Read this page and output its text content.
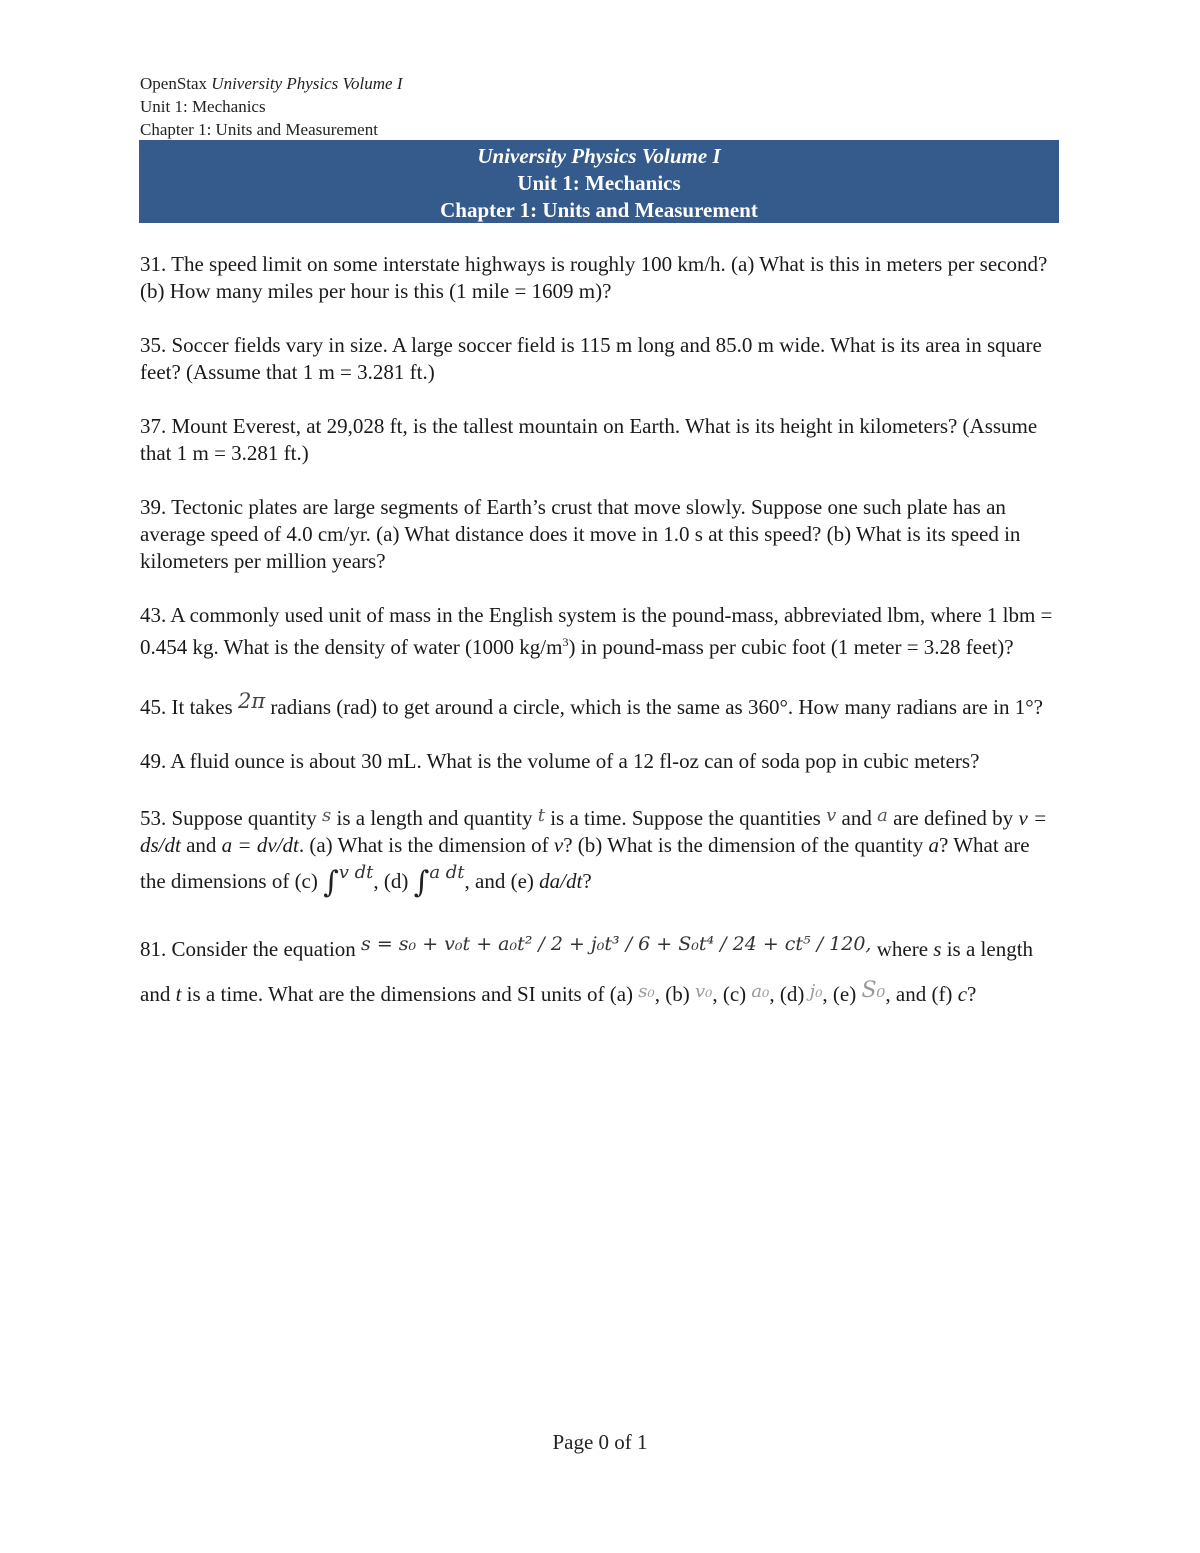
OpenStax University Physics Volume I
Unit 1: Mechanics
Chapter 1: Units and Measurement
University Physics Volume I
Unit 1: Mechanics
Chapter 1: Units and Measurement

31. The speed limit on some interstate highways is roughly 100 km/h. (a) What is this in meters per second? (b) How many miles per hour is this (1 mile = 1609 m)?

35. Soccer fields vary in size. A large soccer field is 115 m long and 85.0 m wide. What is its area in square feet? (Assume that 1 m = 3.281 ft.)

37. Mount Everest, at 29,028 ft, is the tallest mountain on Earth. What is its height in kilometers? (Assume that 1 m = 3.281 ft.)

39. Tectonic plates are large segments of Earth’s crust that move slowly. Suppose one such plate has an average speed of 4.0 cm/yr. (a) What distance does it move in 1.0 s at this speed? (b) What is its speed in kilometers per million years?

43. A commonly used unit of mass in the English system is the pound-mass, abbreviated lbm, where 1 lbm = 0.454 kg. What is the density of water (1000 $kg/m^3$) in pound-mass per cubic foot (1 meter = 3.28 feet)?

45. It takes 2π radians (rad) to get around a circle, which is the same as 360°. How many radians are in 1°?

49. A fluid ounce is about 30 mL. What is the volume of a 12 fl-oz can of soda pop in cubic meters?

53. Suppose quantity s is a length and quantity t is a time. Suppose the quantities v and a are defined by v = ds/dt and a = dv/dt. (a) What is the dimension of v? (b) What is the dimension of the quantity a? What are the dimensions of (c) ∫v dt, (d) ∫a dt, and (e) da/dt?

81. Consider the equation s = s₀ + v₀t + a₀t² / 2 + j₀t³ / 6 + S₀t⁴ / 24 + ct⁵ / 120, where s is a length and t is a time. What are the dimensions and SI units of (a) s₀, (b) v₀, (c) a₀, (d) j₀, (e) S₀, and (f) c?

Page 0 of 1
